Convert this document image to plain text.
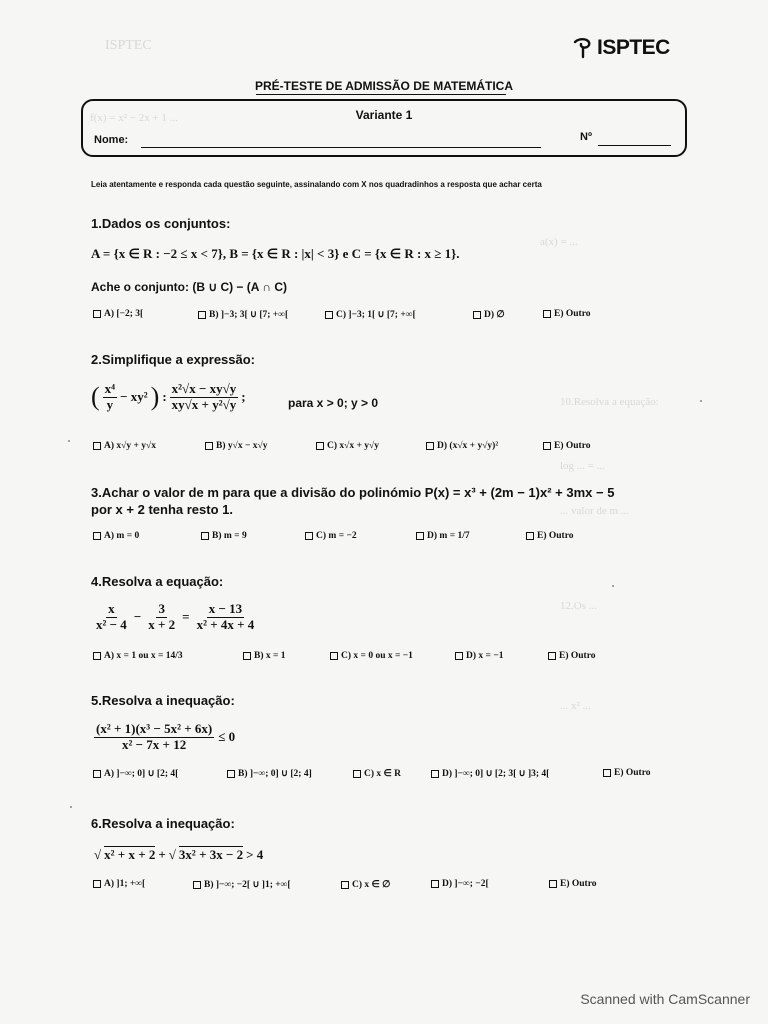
ISPTEC
f(x) = x² − 2x + 1 ...
a(x) = ...
10.Resolva a equação:
log ... = ...
... valor de m ...
12.Os ...
... x² ...
ISPTEC
PRÉ-TESTE DE ADMISSÃO DE MATEMÁTICA
Variante 1
Nome:	Nº
Leia atentamente e responda cada questão seguinte, assinalando com X nos quadradinhos a resposta que achar certa
1.Dados os conjuntos:
A = {x ∈ R : −2 ≤ x < 7}, B = {x ∈ R : |x| < 3} e C = {x ∈ R : x ≥ 1}.
Ache o conjunto: (B ∪ C) − (A ∩ C)
A) [−2; 3[	B) ]−3; 3[ ∪ [7; +∞[	C) ]−3; 1[ ∪ [7; +∞[	D) ∅	E) Outro
2.Simplifique a expressão:
( $\frac{\text{x⁴}}{y} - xy^2$ ) : $\frac{\text{x²√x − xy√y}}{\text{xy√x + y²√y}}$ ;	para x > 0; y > 0
A) x√y + y√x	B) y√x − x√y	C) x√x + y√y	D) (x√x + y√y)²	E) Outro
3.Achar o valor de m para que a divisão do polinómio P(x) = x³ + (2m − 1)x² + 3mx − 5
por x + 2 tenha resto 1.
A) m = 0	B) m = 9	C) m = −2	D) m = 1/7	E) Outro
4.Resolva a equação:
$\frac{x}{\text{x² − 4}} - \frac{3}{x + 2} = \frac{x - 13}{\text{x² + 4x + 4}}$
A) x = 1 ou x = 14/3	B) x = 1	C) x = 0 ou x = −1	D) x = −1	E) Outro
5.Resolva a inequação:
$\frac{\text{(x² + 1)(x³ − 5x² + 6x)}}{\text{x² − 7x + 12}} \le 0$
A) ]−∞; 0] ∪ [2; 4[	B) ]−∞; 0] ∪ [2; 4]	C) x ∈ R	D) ]−∞; 0] ∪ [2; 3[ ∪ ]3; 4[	E) Outro
6.Resolva a inequação:
√ x² + x + 2 + √ 3x² + 3x − 2 > 4
A) ]1; +∞[	B) ]−∞; −2[ ∪ ]1; +∞[	C) x ∈ ∅	D) ]−∞; −2[	E) Outro
Scanned with CamScanner
